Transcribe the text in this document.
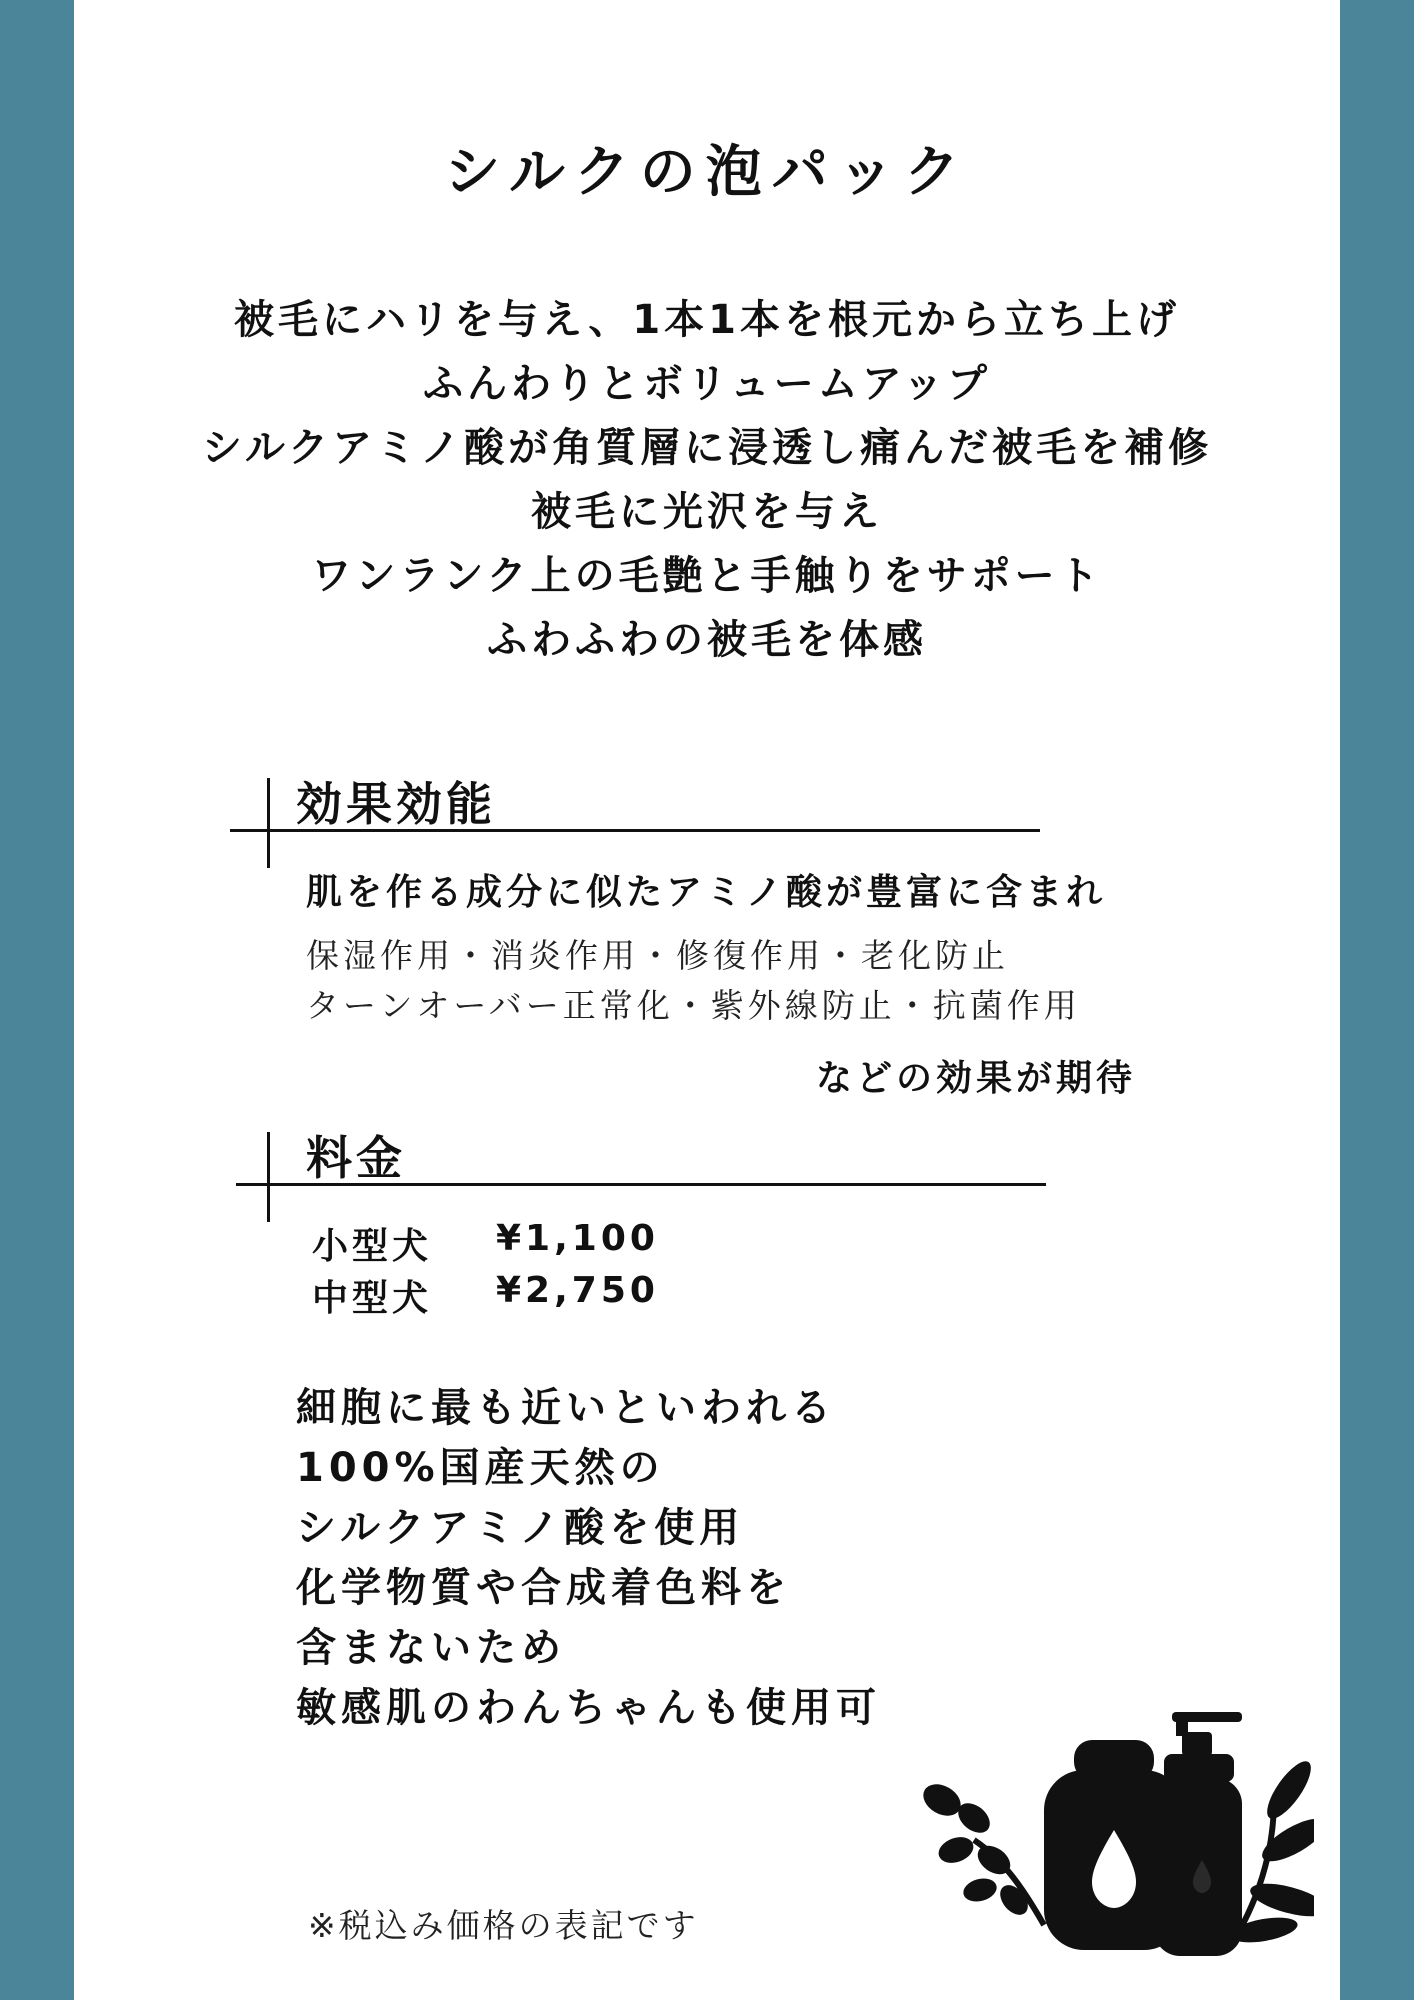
シルクの泡パック
被毛にハリを与え、1本1本を根元から立ち上げ
ふんわりとボリュームアップ
シルクアミノ酸が角質層に浸透し痛んだ被毛を補修
被毛に光沢を与え
ワンランク上の毛艶と手触りをサポート
ふわふわの被毛を体感
効果効能
肌を作る成分に似たアミノ酸が豊富に含まれ
保湿作用・消炎作用・修復作用・老化防止
ターンオーバー正常化・紫外線防止・抗菌作用
などの効果が期待
料金
小型犬 ¥1,100
中型犬 ¥2,750
細胞に最も近いといわれる
100%国産天然の
シルクアミノ酸を使用
化学物質や合成着色料を
含まないため
敏感肌のわんちゃんも使用可
※税込み価格の表記です
